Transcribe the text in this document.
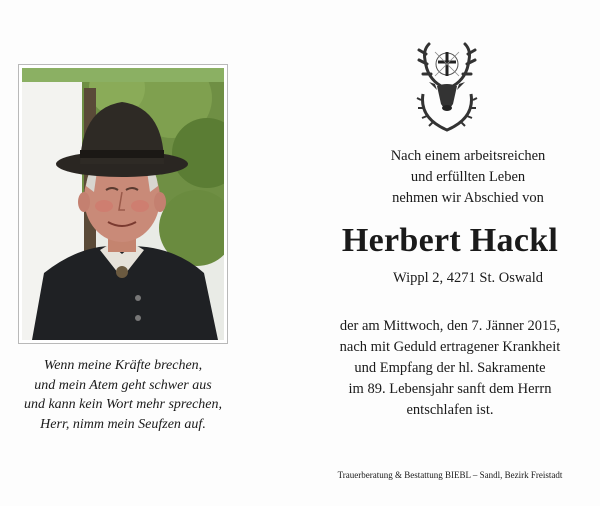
Wenn meine Kräfte brechen,
und mein Atem geht schwer aus
und kann kein Wort mehr sprechen,
Herr, nimm mein Seufzen auf.
Nach einem arbeitsreichen
und erfüllten Leben
nehmen wir Abschied von
Herbert Hackl
Wippl 2, 4271 St. Oswald
der am Mittwoch, den 7. Jänner 2015,
nach mit Geduld ertragener Krankheit
und Empfang der hl. Sakramente
im 89. Lebensjahr sanft dem Herrn
entschlafen ist.
Trauerberatung & Bestattung BIEBL – Sandl, Bezirk Freistadt
